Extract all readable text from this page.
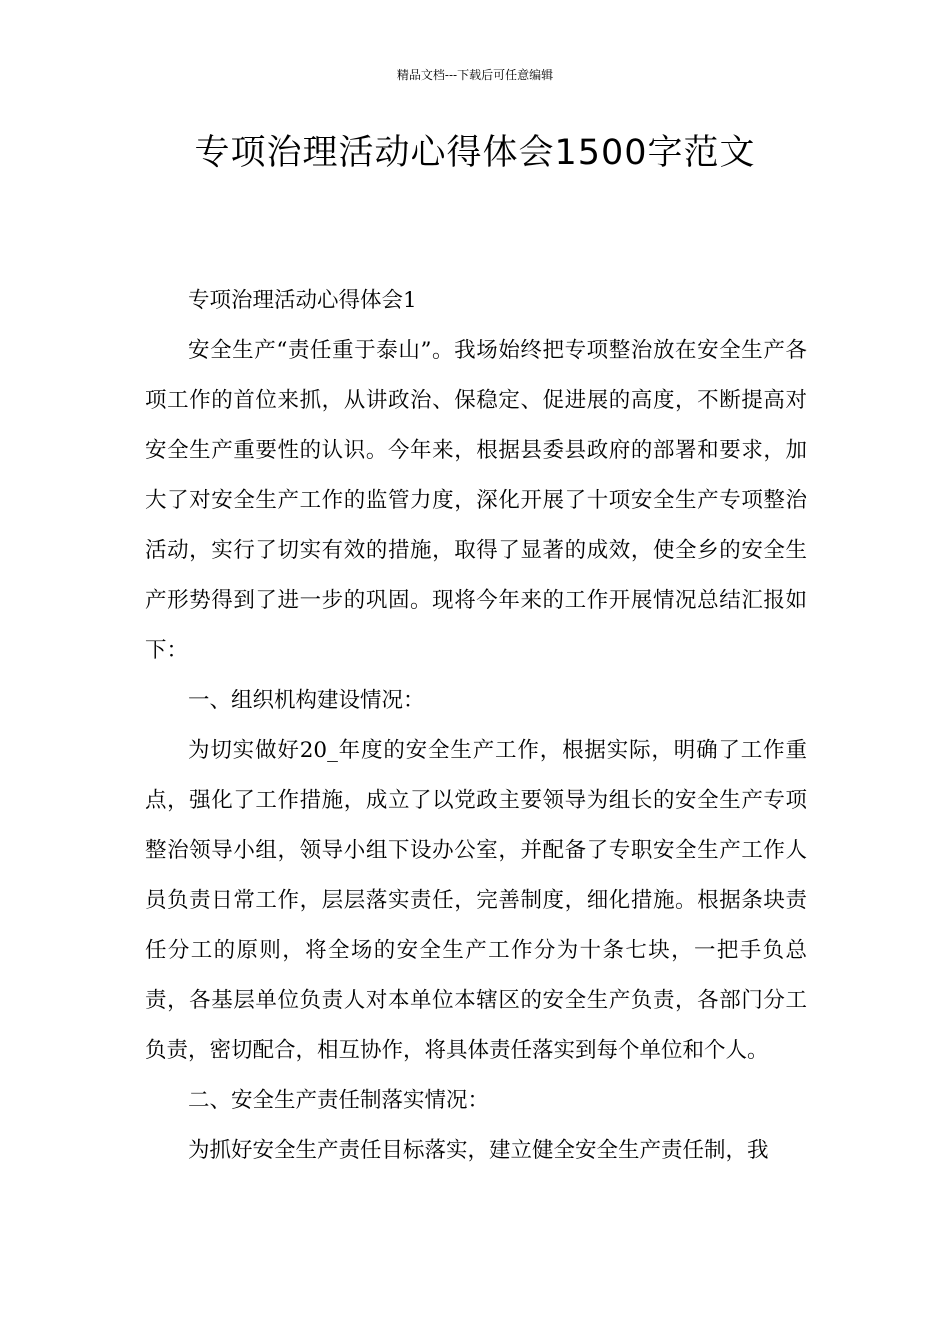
精品文档---下载后可任意编辑
专项治理活动心得体会1500字范文

专项治理活动心得体会1

安全生产“责任重于泰山”。我场始终把专项整治放在安全生产各项工作的首位来抓，从讲政治、保稳定、促进展的高度，不断提高对安全生产重要性的认识。今年来，根据县委县政府的部署和要求，加大了对安全生产工作的监管力度，深化开展了十项安全生产专项整治活动，实行了切实有效的措施，取得了显著的成效，使全乡的安全生产形势得到了进一步的巩固。现将今年来的工作开展情况总结汇报如下：

一、组织机构建设情况：

为切实做好20_年度的安全生产工作，根据实际，明确了工作重点，强化了工作措施，成立了以党政主要领导为组长的安全生产专项整治领导小组，领导小组下设办公室，并配备了专职安全生产工作人员负责日常工作，层层落实责任，完善制度，细化措施。根据条块责任分工的原则，将全场的安全生产工作分为十条七块，一把手负总责，各基层单位负责人对本单位本辖区的安全生产负责，各部门分工负责，密切配合，相互协作，将具体责任落实到每个单位和个人。

二、安全生产责任制落实情况：

为抓好安全生产责任目标落实，建立健全安全生产责任制，我
